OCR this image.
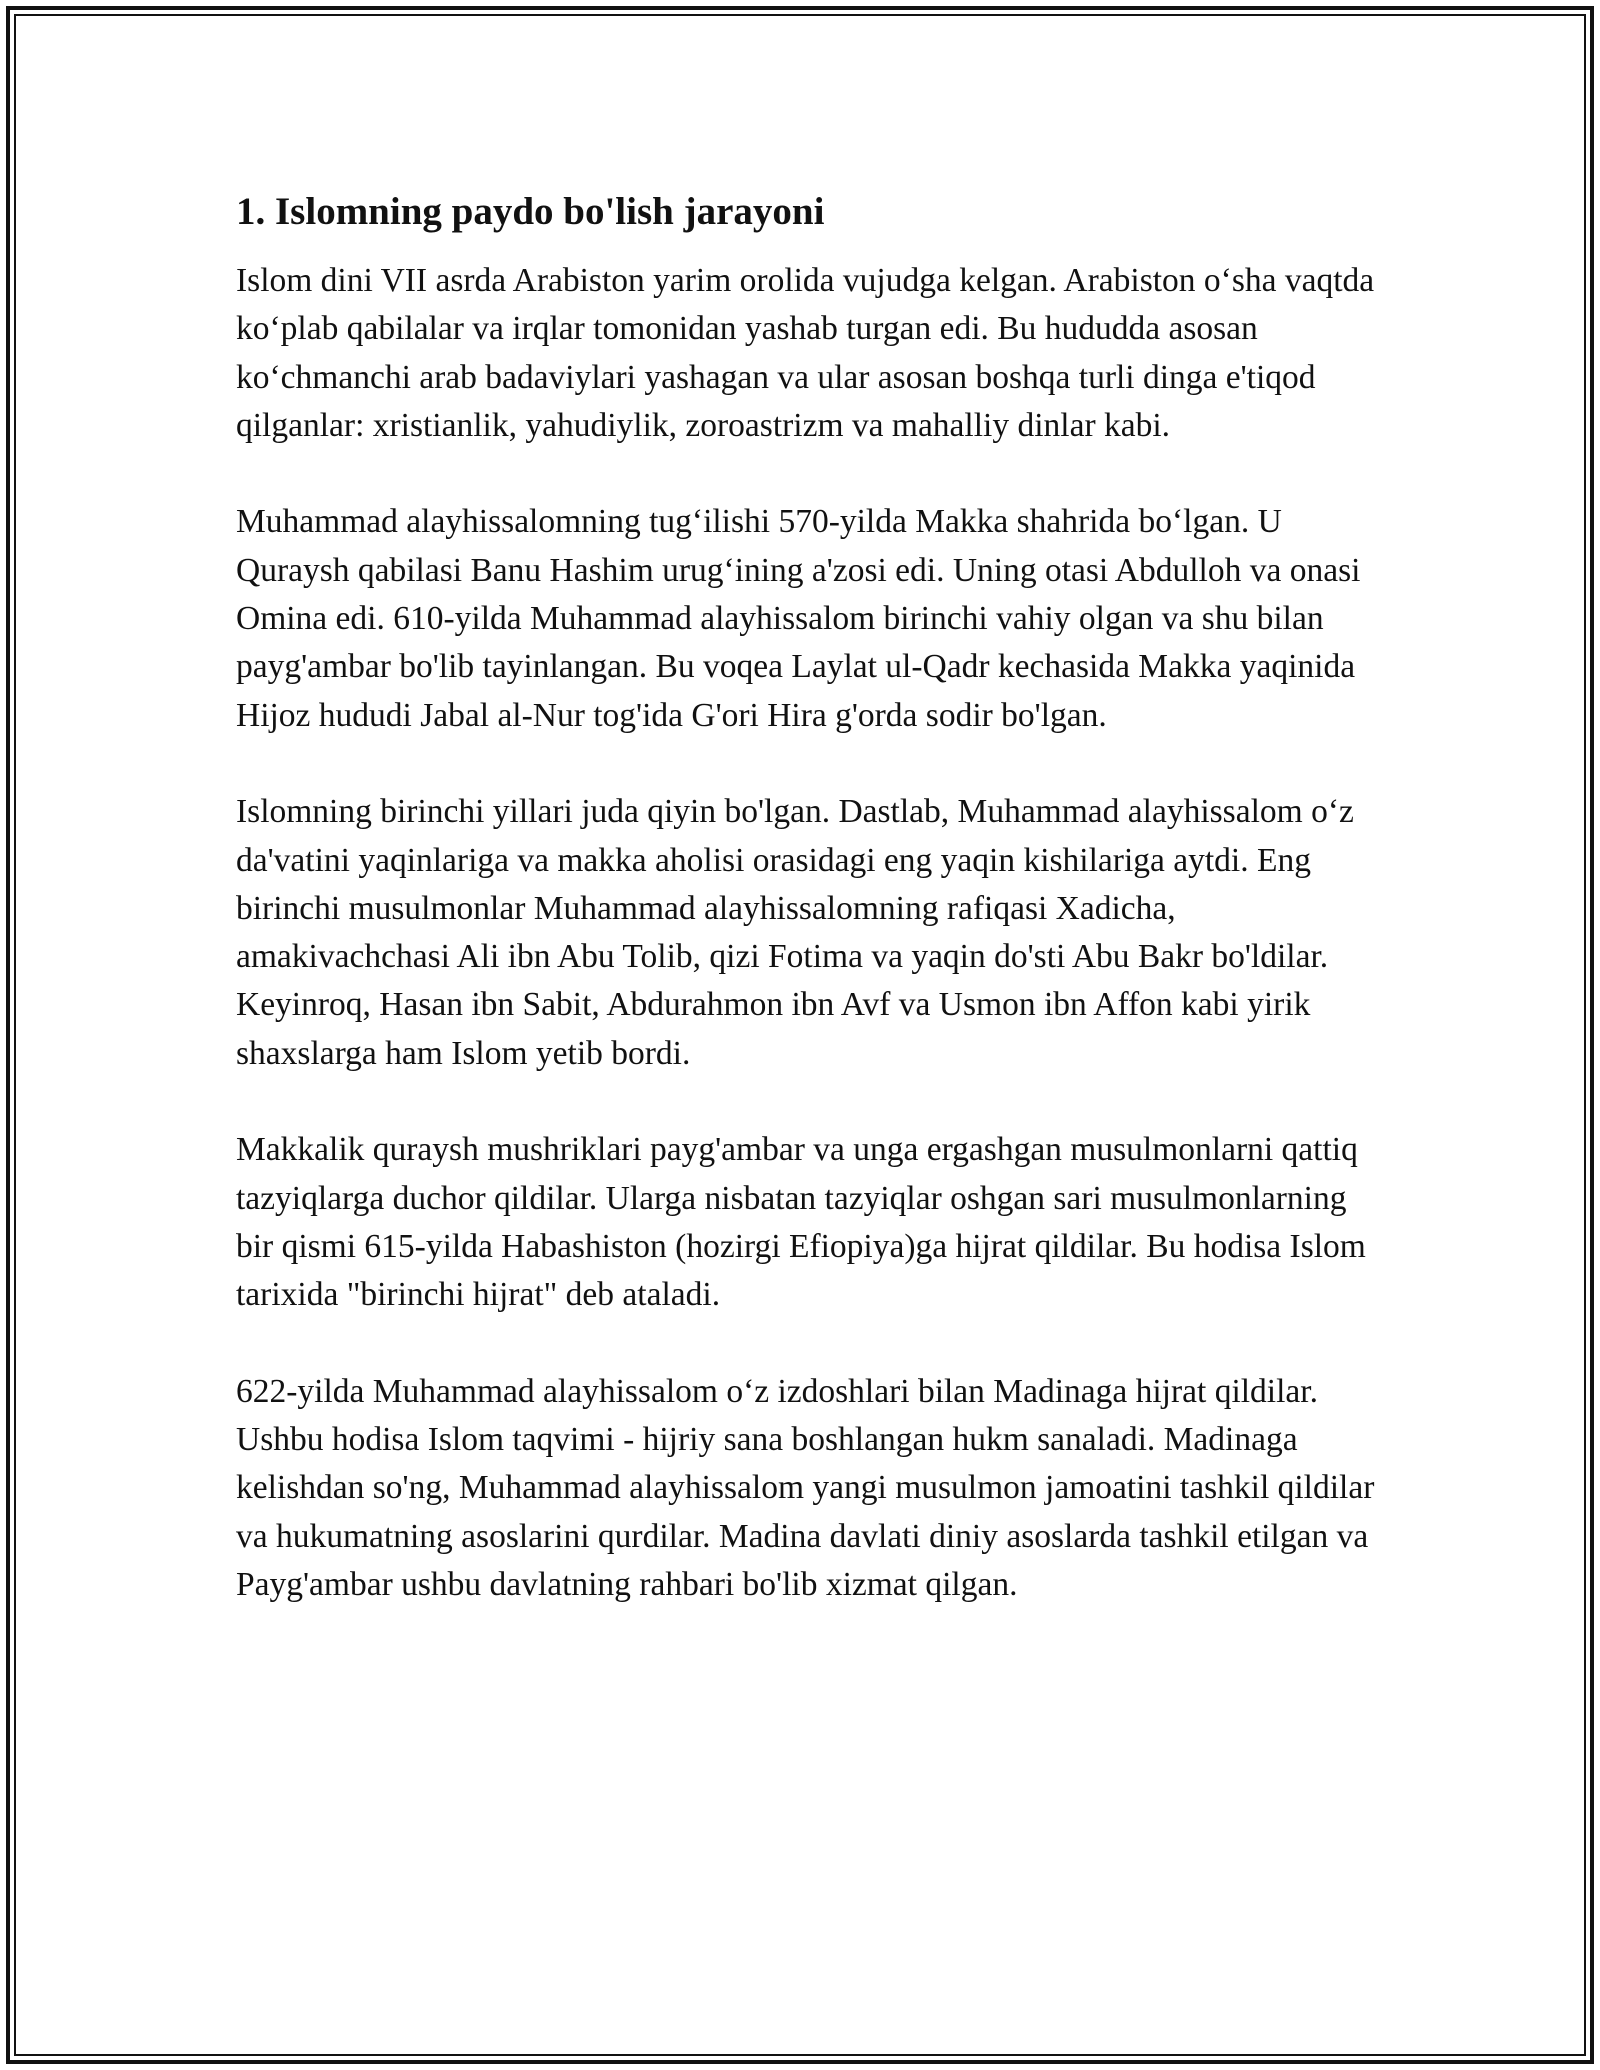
1. Islomning paydo bo'lish jarayoni

Islom dini VII asrda Arabiston yarim orolida vujudga kelgan. Arabiston o‘sha vaqtda ko‘plab qabilalar va irqlar tomonidan yashab turgan edi. Bu hududda asosan ko‘chmanchi arab badaviylari yashagan va ular asosan boshqa turli dinga e'tiqod qilganlar: xristianlik, yahudiylik, zoroastrizm va mahalliy dinlar kabi.

Muhammad alayhissalomning tug‘ilishi 570-yilda Makka shahrida bo‘lgan. U Quraysh qabilasi Banu Hashim urug‘ining a'zosi edi. Uning otasi Abdulloh va onasi Omina edi. 610-yilda Muhammad alayhissalom birinchi vahiy olgan va shu bilan payg'ambar bo'lib tayinlangan. Bu voqea Laylat ul-Qadr kechasida Makka yaqinida Hijoz hududi Jabal al-Nur tog'ida G'ori Hira g'orda sodir bo'lgan.

Islomning birinchi yillari juda qiyin bo'lgan. Dastlab, Muhammad alayhissalom o‘z da'vatini yaqinlariga va makka aholisi orasidagi eng yaqin kishilariga aytdi. Eng birinchi musulmonlar Muhammad alayhissalomning rafiqasi Xadicha, amakivachchasi Ali ibn Abu Tolib, qizi Fotima va yaqin do'sti Abu Bakr bo'ldilar. Keyinroq, Hasan ibn Sabit, Abdurahmon ibn Avf va Usmon ibn Affon kabi yirik shaxslarga ham Islom yetib bordi.

Makkalik quraysh mushriklari payg'ambar va unga ergashgan musulmonlarni qattiq tazyiqlarga duchor qildilar. Ularga nisbatan tazyiqlar oshgan sari musulmonlarning bir qismi 615-yilda Habashiston (hozirgi Efiopiya)ga hijrat qildilar. Bu hodisa Islom tarixida "birinchi hijrat" deb ataladi.

622-yilda Muhammad alayhissalom o‘z izdoshlari bilan Madinaga hijrat qildilar. Ushbu hodisa Islom taqvimi - hijriy sana boshlangan hukm sanaladi. Madinaga kelishdan so'ng, Muhammad alayhissalom yangi musulmon jamoatini tashkil qildilar va hukumatning asoslarini qurdilar. Madina davlati diniy asoslarda tashkil etilgan va Payg'ambar ushbu davlatning rahbari bo'lib xizmat qilgan.
